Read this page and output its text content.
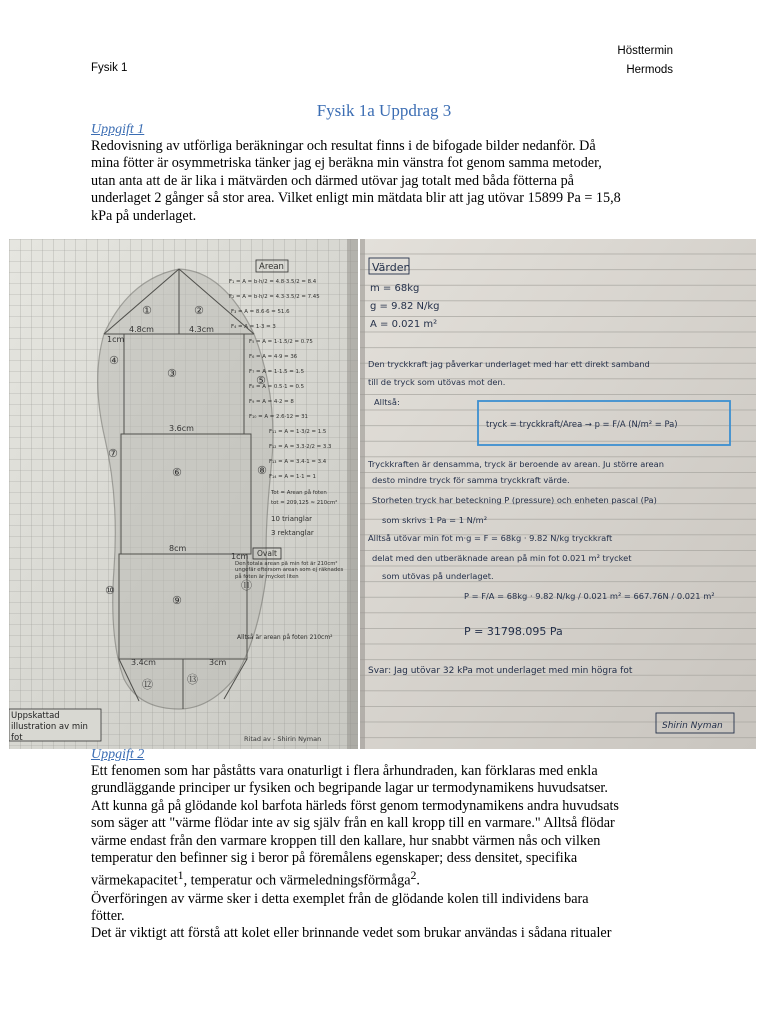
Fysik 1
Hösttermin
Hermods
Fysik 1a Uppdrag 3
Uppgift 1

Redovisning av utförliga beräkningar och resultat finns i de bifogade bilder nedanför. Då

mina fötter är osymmetriska tänker jag ej beräkna min vänstra fot genom samma metoder,

utan anta att de är lika i mätvärden och därmed utövar jag totalt med båda fötterna på

underlaget 2 gånger så stor area. Vilket enligt min mätdata blir att jag utövar 15899 Pa = 15,8

kPa på underlaget.

①	②
③
④
⑤
⑥
⑦
⑧
⑨
⑩	⑪
⑫	⑬
4.8cm	4.3cm
3.6cm
8cm
3.4cm	3cm
1cm
1cm
Arean
F₁ = A = b·h/2 = 4.8·3.5/2 = 8.4
F₂ = A = b·h/2 = 4.3·3.5/2 = 7.45
F₃ = A = 8.6·6 = 51.6
F₄ = A = 1·3 = 3
F₅ = A = 1·1.5/2 = 0.75
F₆ = A = 4·9 = 36
F₇ = A = 1·1.5 = 1.5
F₈ = A = 0.5·1 = 0.5
F₉ = A = 4·2 = 8
F₁₀ = A = 2.6·12 = 31
F₁₁ = A = 1·3/2 = 1.5
F₁₂ = A = 3.3·2/2 = 3.3
F₁₃ = A = 3.4·1 = 3.4
F₁₄ = A = 1·1 = 1
Tot = Arean på foten
tot = 209,125 ≈ 210cm²
10 trianglar
3 rektanglar
Ovalt
Den totala arean på min fot är 210cm² ungefär eftersom arean som ej räknades på foten är mycket liten
Alltså är arean på foten 210cm²
Uppskattad illustration av min fot	Ritad av - Shirin Nyman
Värden
m = 68kg
g = 9.82 N/kg
A = 0.021 m²
Den tryckkraft jag påverkar underlaget med har ett direkt samband
till de tryck som utövas mot den.
Alltså:
tryck = tryckkraft/Area → p = F/A (N/m² = Pa)
Tryckkraften är densamma, tryck är beroende av arean. Ju större arean
desto mindre tryck för samma tryckkraft värde.
Storheten tryck har beteckning P (pressure) och enheten pascal (Pa)
som skrivs 1 Pa = 1 N/m²
Alltså utövar min fot m·g = F = 68kg · 9.82 N/kg tryckkraft
delat med den utberäknade arean på min fot 0.021 m² trycket
som utövas på underlaget.
P = F/A = 68kg · 9.82 N/kg / 0.021 m² = 667.76N / 0.021 m²
P = 31798.095 Pa
Svar: Jag utövar 32 kPa mot underlaget med min högra fot
Shirin Nyman
Uppgift 2

Ett fenomen som har påståtts vara onaturligt i flera århundraden, kan förklaras med enkla

grundläggande principer ur fysiken och begripande lagar ur termodynamikens huvudsatser.

Att kunna gå på glödande kol barfota härleds först genom termodynamikens andra huvudsats

som säger att "värme flödar inte av sig själv från en kall kropp till en varmare." Alltså flödar

värme endast från den varmare kroppen till den kallare, hur snabbt värmen nås och vilken

temperatur den befinner sig i beror på föremålens egenskaper; dess densitet, specifika

värmekapacitet$^1$, temperatur och värmeledningsförmåga$^2$.

Överföringen av värme sker i detta exemplet från de glödande kolen till individens bara

fötter.

Det är viktigt att förstå att kolet eller brinnande vedet som brukar användas i sådana ritualer
